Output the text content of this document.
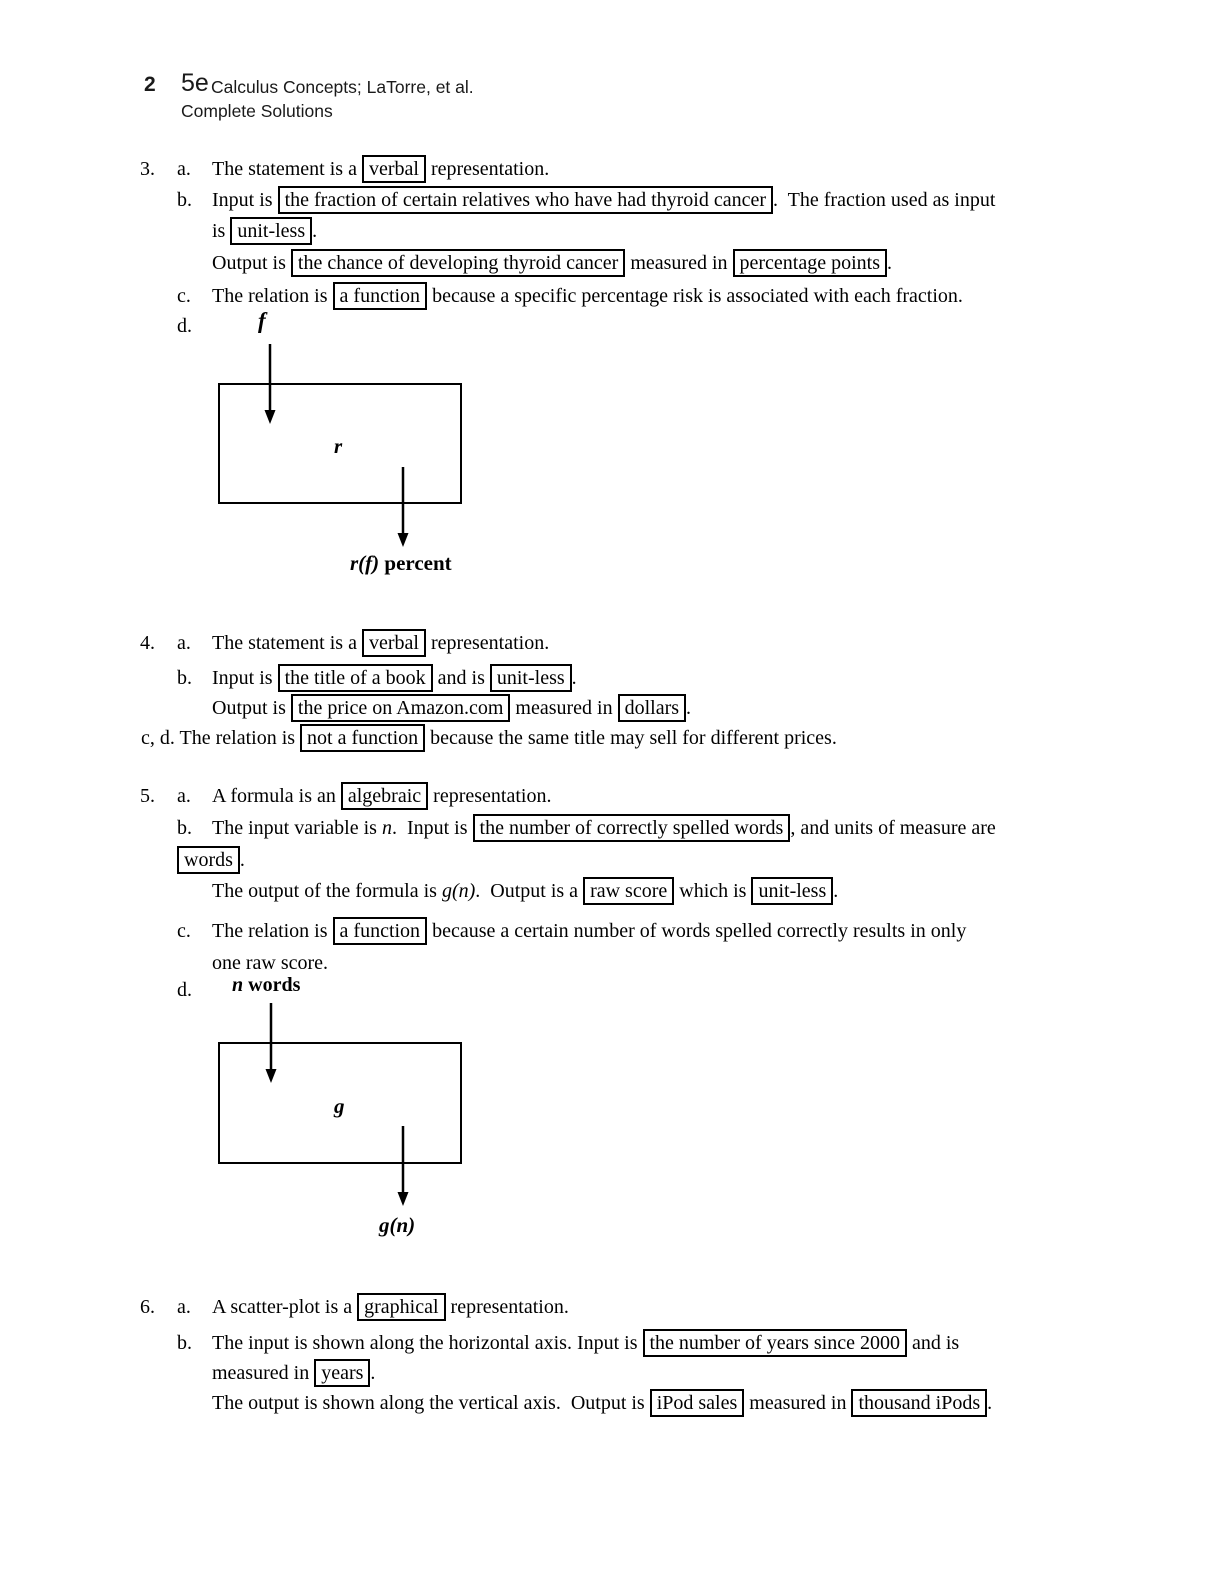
2 5e Calculus Concepts; LaTorre, et al.
Complete Solutions
3. a. The statement is a verbal representation.
b. Input is the fraction of certain relatives who have had thyroid cancer .  The fraction used as input
is unit-less .
Output is the chance of developing thyroid cancer measured in percentage points .
c. The relation is a function because a specific percentage risk is associated with each fraction.
d.	f
r
r(f) percent
4. a. The statement is a verbal representation.
b. Input is the title of a book and is unit-less .
Output is the price on Amazon.com measured in dollars .
c, d. The relation is not a function because the same title may sell for different prices.
5. a. A formula is an algebraic representation.
b. The input variable is n.  Input is the number of correctly spelled words , and units of measure are
words .
The output of the formula is g(n).  Output is a raw score which is unit-less .
c. The relation is a function because a certain number of words spelled correctly results in only
one raw score.
d.	n words
g
g(n)
6. a. A scatter-plot is a graphical representation.
b. The input is shown along the horizontal axis. Input is the number of years since 2000 and is
measured in years .
The output is shown along the vertical axis.  Output is iPod sales measured in thousand iPods .
